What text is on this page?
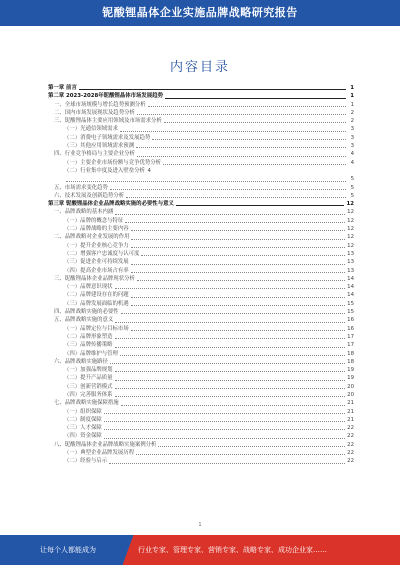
铌酸锂晶体企业实施品牌战略研究报告
内容目录
第一章 前言	1
第二章 2023-2028年铌酸锂晶体市场发展趋势	1
一、全球市场规模与增长趋势预测分析	1
二、国内市场发展现状及趋势分析	2
三、铌酸锂晶体主要应用领域及市场需求分析	2
（一）光通信领域需求	3
（二）消费电子领域需求及发展趋势	3
（三）其他应用领域需求预测	3
四、行业竞争格局与主要企业分析	4
（一）主要企业市场份额与竞争优势分析	4
（二）行业集中度及进入壁垒分析 4
5
五、市场需求变化趋势	5
六、技术发展及创新趋势分析	5
第三章 铌酸锂晶体企业品牌战略实施的必要性与意义	12
一、品牌战略的基本内涵	12
（一）品牌的概念与特征	12
（二）品牌战略的主要内容	12
二、品牌战略对企业发展的作用	12
（一）提升企业核心竞争力	12
（二）增强客户忠诚度与认可度	13
（三）促进企业可持续发展	13
（四）提高企业市场占有率	13
三、铌酸锂晶体企业品牌现状分析	14
（一）品牌意识现状	14
（二）品牌建设存在的问题	14
（三）品牌发展面临的机遇	15
四、品牌战略实施的必要性	15
五、品牌战略实施的意义	16
（一）品牌定位与目标市场	16
（二）品牌形象塑造	17
（三）品牌传播策略	17
（四）品牌维护与管理	18
六、品牌战略实施路径	18
（一）加强品牌规划	19
（二）提升产品质量	19
（三）创新营销模式	20
（四）完善服务体系	20
七、品牌战略实施保障措施	21
（一）组织保障	21
（二）制度保障	21
（三）人才保障	22
（四）资金保障	22
八、铌酸锂晶体企业品牌战略实施案例分析	22
（一）典型企业品牌发展历程	22
（二）经验与启示	22
1
让每个人都能成为	行业专家、管理专家、营销专家、战略专家、成功企业家……
